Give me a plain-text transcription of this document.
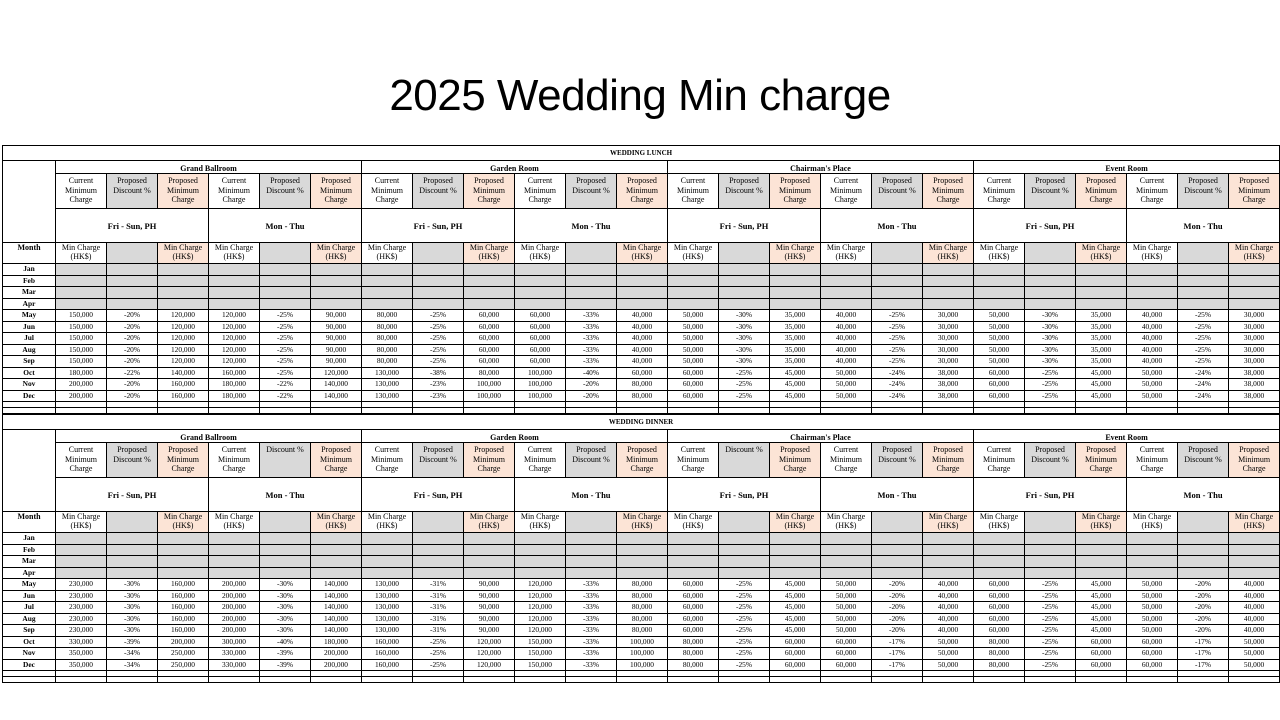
2025 Wedding Min charge
WEDDING LUNCH																								
	Grand Ballroom						Garden Room						Chairman's Place						Event Room					
	Current Minimum Charge	Proposed Discount %	Proposed Minimum Charge	Current Minimum Charge	Proposed Discount %	Proposed Minimum Charge	Current Minimum Charge	Proposed Discount %	Proposed Minimum Charge	Current Minimum Charge	Proposed Discount %	Proposed Minimum Charge	Current Minimum Charge	Proposed Discount %	Proposed Minimum Charge	Current Minimum Charge	Proposed Discount %	Proposed Minimum Charge	Current Minimum Charge	Proposed Discount %	Proposed Minimum Charge	Current Minimum Charge	Proposed Discount %	Proposed Minimum Charge
	Fri - Sun, PH			Mon - Thu			Fri - Sun, PH			Mon - Thu			Fri - Sun, PH			Mon - Thu			Fri - Sun, PH			Mon - Thu		
Month	Min Charge (HK$)		Min Charge (HK$)	Min Charge (HK$)		Min Charge (HK$)	Min Charge (HK$)		Min Charge (HK$)	Min Charge (HK$)		Min Charge (HK$)	Min Charge (HK$)		Min Charge (HK$)	Min Charge (HK$)		Min Charge (HK$)	Min Charge (HK$)		Min Charge (HK$)	Min Charge (HK$)		Min Charge (HK$)
Jan																								
Feb																								
Mar																								
Apr																								
May	150,000	-20%	120,000	120,000	-25%	90,000	80,000	-25%	60,000	60,000	-33%	40,000	50,000	-30%	35,000	40,000	-25%	30,000	50,000	-30%	35,000	40,000	-25%	30,000
Jun	150,000	-20%	120,000	120,000	-25%	90,000	80,000	-25%	60,000	60,000	-33%	40,000	50,000	-30%	35,000	40,000	-25%	30,000	50,000	-30%	35,000	40,000	-25%	30,000
Jul	150,000	-20%	120,000	120,000	-25%	90,000	80,000	-25%	60,000	60,000	-33%	40,000	50,000	-30%	35,000	40,000	-25%	30,000	50,000	-30%	35,000	40,000	-25%	30,000
Aug	150,000	-20%	120,000	120,000	-25%	90,000	80,000	-25%	60,000	60,000	-33%	40,000	50,000	-30%	35,000	40,000	-25%	30,000	50,000	-30%	35,000	40,000	-25%	30,000
Sep	150,000	-20%	120,000	120,000	-25%	90,000	80,000	-25%	60,000	60,000	-33%	40,000	50,000	-30%	35,000	40,000	-25%	30,000	50,000	-30%	35,000	40,000	-25%	30,000
Oct	180,000	-22%	140,000	160,000	-25%	120,000	130,000	-38%	80,000	100,000	-40%	60,000	60,000	-25%	45,000	50,000	-24%	38,000	60,000	-25%	45,000	50,000	-24%	38,000
Nov	200,000	-20%	160,000	180,000	-22%	140,000	130,000	-23%	100,000	100,000	-20%	80,000	60,000	-25%	45,000	50,000	-24%	38,000	60,000	-25%	45,000	50,000	-24%	38,000
Dec	200,000	-20%	160,000	180,000	-22%	140,000	130,000	-23%	100,000	100,000	-20%	80,000	60,000	-25%	45,000	50,000	-24%	38,000	60,000	-25%	45,000	50,000	-24%	38,000

WEDDING DINNER																								
	Grand Ballroom						Garden Room						Chairman's Place						Event Room					
	Current Minimum Charge	Proposed Discount %	Proposed Minimum Charge	Current Minimum Charge	Discount %	Proposed Minimum Charge	Current Minimum Charge	Proposed Discount %	Proposed Minimum Charge	Current Minimum Charge	Proposed Discount %	Proposed Minimum Charge	Current Minimum Charge	Discount %	Proposed Minimum Charge	Current Minimum Charge	Proposed Discount %	Proposed Minimum Charge	Current Minimum Charge	Proposed Discount %	Proposed Minimum Charge	Current Minimum Charge	Proposed Discount %	Proposed Minimum Charge
	Fri - Sun, PH			Mon - Thu			Fri - Sun, PH			Mon - Thu			Fri - Sun, PH			Mon - Thu			Fri - Sun, PH			Mon - Thu		
Month	Min Charge (HK$)		Min Charge (HK$)	Min Charge (HK$)		Min Charge (HK$)	Min Charge (HK$)		Min Charge (HK$)	Min Charge (HK$)		Min Charge (HK$)	Min Charge (HK$)		Min Charge (HK$)	Min Charge (HK$)		Min Charge (HK$)	Min Charge (HK$)		Min Charge (HK$)	Min Charge (HK$)		Min Charge (HK$)
Jan																								
Feb																								
Mar																								
Apr																								
May	230,000	-30%	160,000	200,000	-30%	140,000	130,000	-31%	90,000	120,000	-33%	80,000	60,000	-25%	45,000	50,000	-20%	40,000	60,000	-25%	45,000	50,000	-20%	40,000
Jun	230,000	-30%	160,000	200,000	-30%	140,000	130,000	-31%	90,000	120,000	-33%	80,000	60,000	-25%	45,000	50,000	-20%	40,000	60,000	-25%	45,000	50,000	-20%	40,000
Jul	230,000	-30%	160,000	200,000	-30%	140,000	130,000	-31%	90,000	120,000	-33%	80,000	60,000	-25%	45,000	50,000	-20%	40,000	60,000	-25%	45,000	50,000	-20%	40,000
Aug	230,000	-30%	160,000	200,000	-30%	140,000	130,000	-31%	90,000	120,000	-33%	80,000	60,000	-25%	45,000	50,000	-20%	40,000	60,000	-25%	45,000	50,000	-20%	40,000
Sep	230,000	-30%	160,000	200,000	-30%	140,000	130,000	-31%	90,000	120,000	-33%	80,000	60,000	-25%	45,000	50,000	-20%	40,000	60,000	-25%	45,000	50,000	-20%	40,000
Oct	330,000	-39%	200,000	300,000	-40%	180,000	160,000	-25%	120,000	150,000	-33%	100,000	80,000	-25%	60,000	60,000	-17%	50,000	80,000	-25%	60,000	60,000	-17%	50,000
Nov	350,000	-34%	250,000	330,000	-39%	200,000	160,000	-25%	120,000	150,000	-33%	100,000	80,000	-25%	60,000	60,000	-17%	50,000	80,000	-25%	60,000	60,000	-17%	50,000
Dec	350,000	-34%	250,000	330,000	-39%	200,000	160,000	-25%	120,000	150,000	-33%	100,000	80,000	-25%	60,000	60,000	-17%	50,000	80,000	-25%	60,000	60,000	-17%	50,000
